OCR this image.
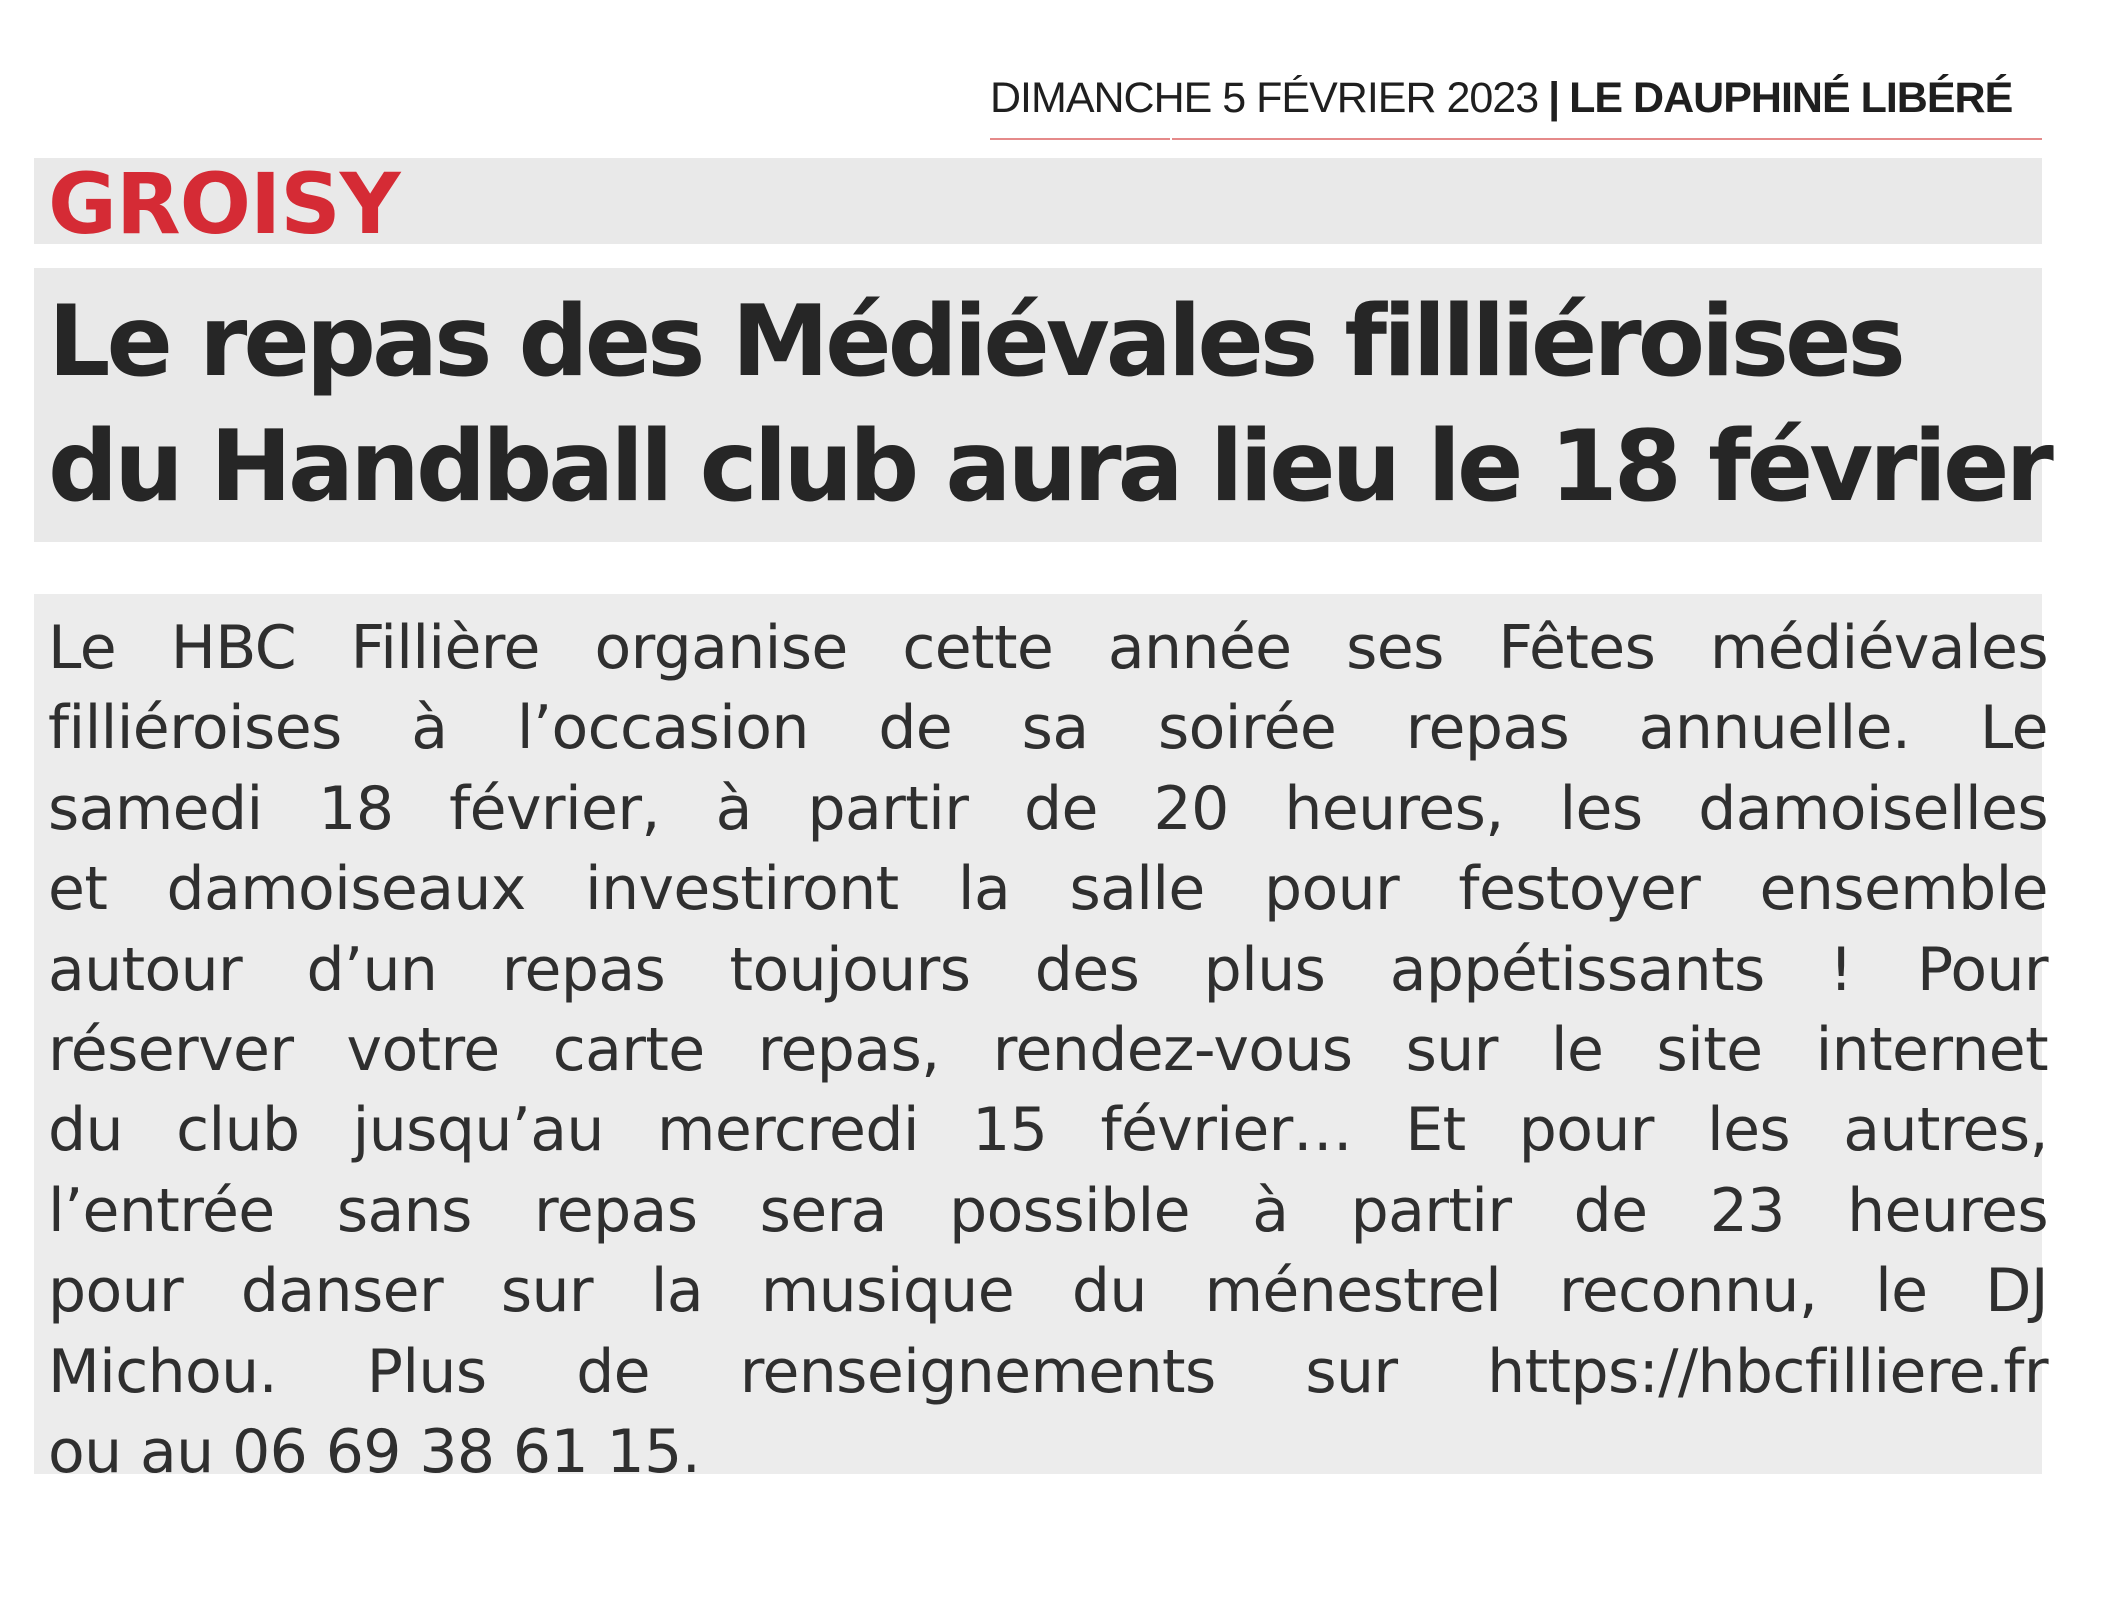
DIMANCHE 5 FÉVRIER 2023 | LE DAUPHINÉ LIBÉRÉ
GROISY
Le repas des Médiévales fillliéroises
du Handball club aura lieu le 18 février
Le HBC Fillière organise cette année ses Fêtes médiévales
filliéroises à l’occasion de sa soirée repas annuelle. Le
samedi 18 février, à partir de 20 heures, les damoiselles
et damoiseaux investiront la salle pour festoyer ensemble
autour d’un repas toujours des plus appétissants ! Pour
réserver votre carte repas, rendez-vous sur le site internet
du club jusqu’au mercredi 15 février… Et pour les autres,
l’entrée sans repas sera possible à partir de 23 heures
pour danser sur la musique du ménestrel reconnu, le DJ
Michou. Plus de renseignements sur https://hbcfilliere.fr
ou au 06 69 38 61 15.
